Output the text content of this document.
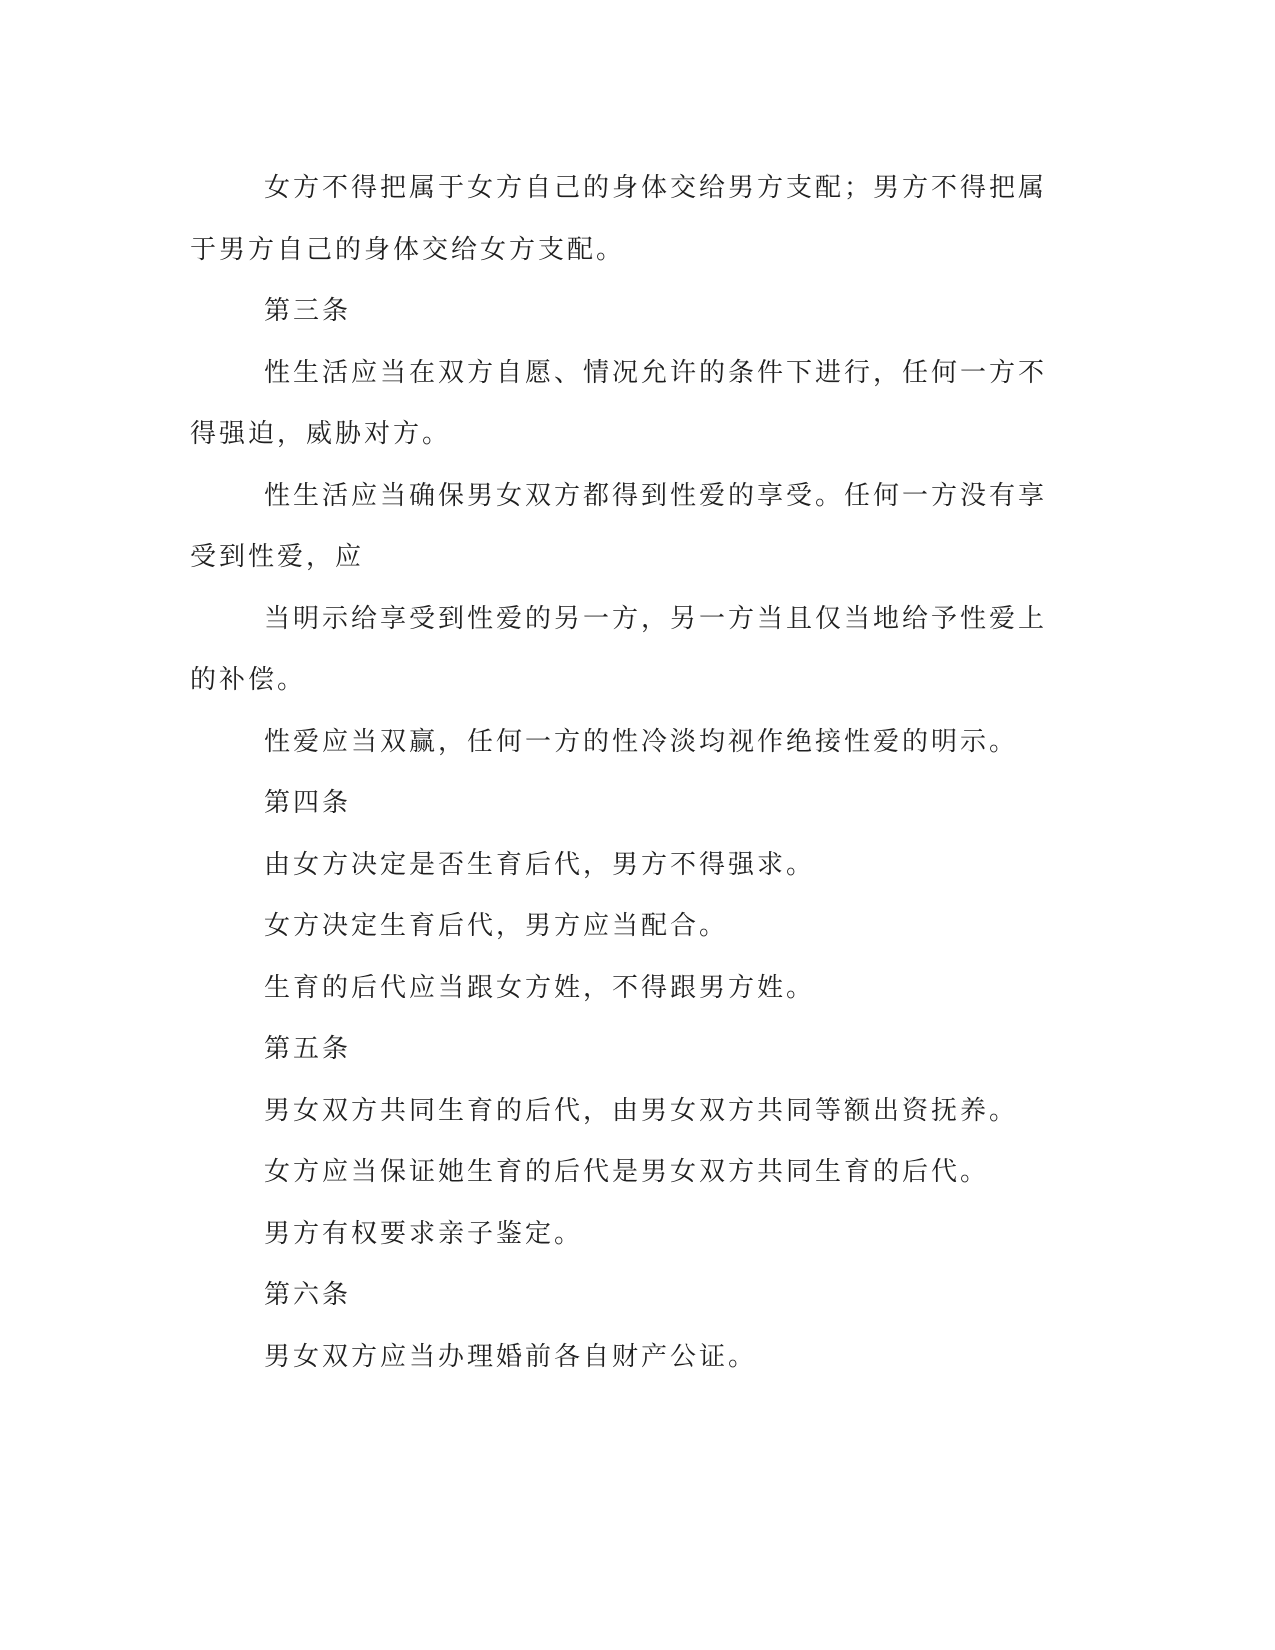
女方不得把属于女方自己的身体交给男方支配；男方不得把属于男方自己的身体交给女方支配。

第三条

性生活应当在双方自愿、情况允许的条件下进行，任何一方不得强迫，威胁对方。

性生活应当确保男女双方都得到性爱的享受。任何一方没有享受到性爱，应

当明示给享受到性爱的另一方，另一方当且仅当地给予性爱上的补偿。

性爱应当双赢，任何一方的性冷淡均视作绝接性爱的明示。

第四条

由女方决定是否生育后代，男方不得强求。

女方决定生育后代，男方应当配合。

生育的后代应当跟女方姓，不得跟男方姓。

第五条

男女双方共同生育的后代，由男女双方共同等额出资抚养。

女方应当保证她生育的后代是男女双方共同生育的后代。

男方有权要求亲子鉴定。

第六条

男女双方应当办理婚前各自财产公证。
